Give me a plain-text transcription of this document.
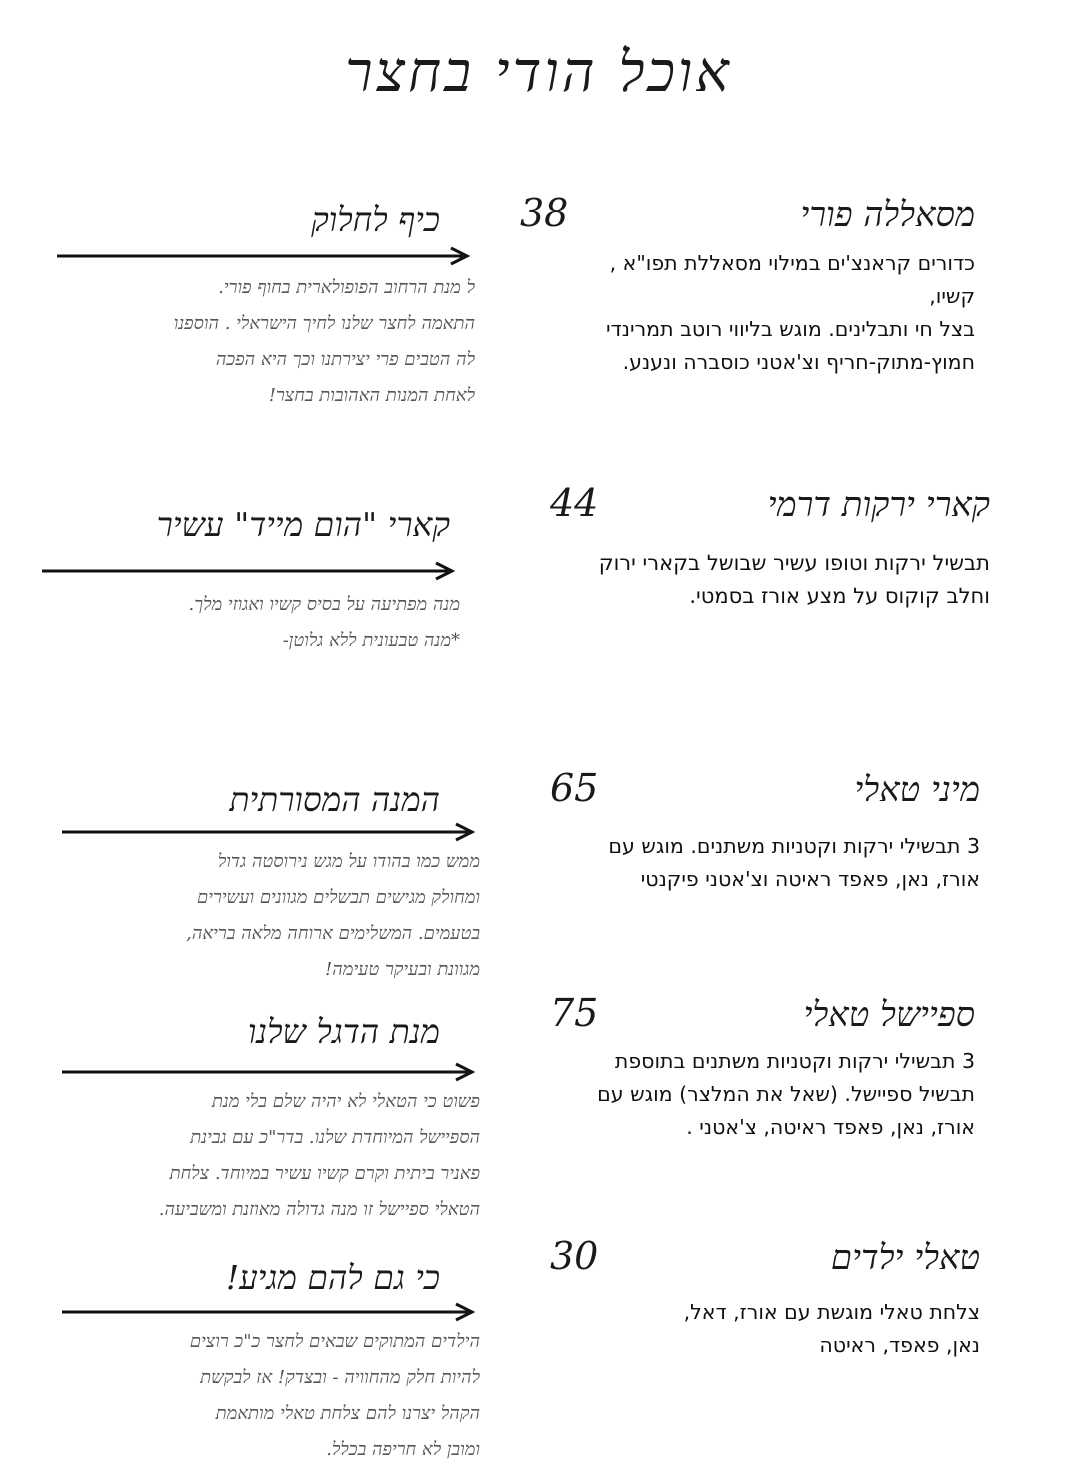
אוכל הודי בחצר
מסאללה פורי
38
כדורים קראנצ'ים במילוי מסאללת תפו"א ,
קשיו,
בצל חי ותבלינים. מוגש בליווי רוטב תמרינדי
חמוץ-מתוק-חריף וצ'אטני כוסברה ונענע.
קארי ירקות דרמי
44
תבשיל ירקות וטופו עשיר שבושל בקארי ירוק
וחלב קוקוס על מצע אורז בסמטי.
מיני טאלי
65
3 תבשילי ירקות וקטניות משתנים. מוגש עם
אורז, נאן, פאפד ראיטה וצ'אטני פיקנטי
ספיישל טאלי
75
3 תבשילי ירקות וקטניות משתנים בתוספת
תבשיל ספיישל. (שאל את המלצר) מוגש עם
אורז, נאן, פאפד ראיטה, צ'אטני .
טאלי ילדים
30
צלחת טאלי מוגשת עם אורז, דאל,
נאן, פאפד, ראיטה
כיף לחלוק
ל מנת הרחוב הפופולארית בחוף פורי.
התאמה לחצר שלנו לחיך הישראלי . הוספנו
לה הטבים פרי יצירתנו וכך היא הפכה
לאחת המנות האהובות בחצר!
קארי "הום מייד" עשיר
מנה מפתיעה על בסיס קשיו ואגוזי מלך.
*מנה טבעונית ללא גלוטן-
המנה המסורתית
ממש כמו בהודו על מגש נירוסטה גדול
ומחולק מגישים תבשלים מגוונים ועשירים
בטעמים. המשלימים ארוחה מלאה בריאה,
מגוונת ובעיקר טעימה!
מנת הדגל שלנו
פשוט כי הטאלי לא יהיה שלם בלי מנת
הספיישל המיוחדת שלנו. בדר"כ עם גבינת
פאניר ביתית וקרם קשיו עשיר במיוחד. צלחת
הטאלי ספיישל זו מנה גדולה מאוזנת ומשביעה.
כי גם להם מגיע!
הילדים המתוקים שבאים לחצר כ"כ רוצים
להיות חלק מהחוויה - ובצדק! אז לבקשת
הקהל יצרנו להם צלחת טאלי מותאמת
ומובן לא חריפה בכלל.
